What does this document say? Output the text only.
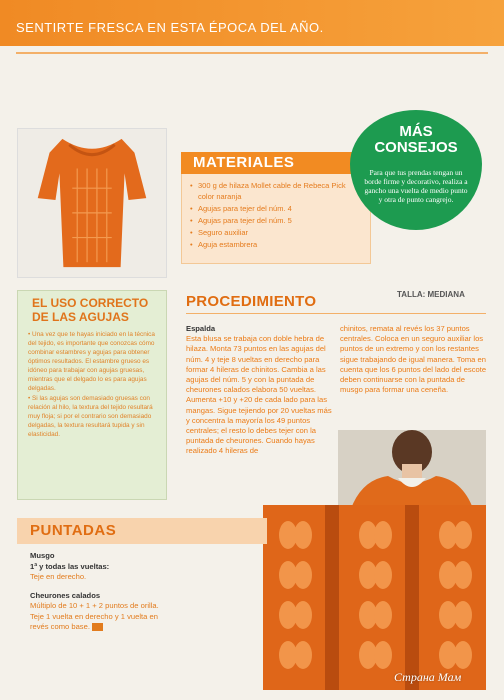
SENTIRTE FRESCA EN ESTA ÉPOCA DEL AÑO.
MATERIALES
• 300 g de hilaza Mollet cable de Rebeca Pick color naranja
• Agujas para tejer del núm. 4
• Agujas para tejer del núm. 5
• Seguro auxiliar
• Aguja estambrera
MÁS
CONSEJOS
Para que tus prendas tengan un borde firme y decorativo, realiza a gancho una vuelta de medio punto y otra de punto cangrejo.
EL USO CORRECTO DE LAS AGUJAS

• Una vez que te hayas iniciado en la técnica del tejido, es importante que conozcas cómo combinar estambres y agujas para obtener óptimos resultados. El estambre grueso es idóneo para trabajar con agujas gruesas, mientras que el delgado lo es para agujas delgadas.

• Si las agujas son demasiado gruesas con relación al hilo, la textura del tejido resultará muy floja; si por el contrario son demasiado delgadas, la textura resultará tupida y sin elasticidad.

PROCEDIMIENTO	TALLA: MEDIANA
Espalda
Esta blusa se trabaja con doble hebra de hilaza. Monta 73 puntos en las agujas del núm. 4 y teje 8 vueltas en derecho para formar 4 hileras de chinitos. Cambia a las agujas del núm. 5 y con la puntada de cheurones calados elabora 50 vueltas. Aumenta +10 y +20 de cada lado para las mangas. Sigue tejiendo por 20 vueltas más y concentra la mayoría los 49 puntos centrales; el resto lo debes tejer con la puntada de cheurones. Cuando hayas realizado 4 hileras de
chinitos, remata al revés los 37 puntos centrales. Coloca en un seguro auxiliar los puntos de un extremo y con los restantes sigue trabajando de igual manera. Toma en cuenta que los 6 puntos del lado del escote deben continuarse con la puntada de musgo para formar una ceneña.
PUNTADAS
Musgo
1ª y todas las vueltas:
Teje en derecho.
Cheurones calados
Múltiplo de 10 + 1 + 2 puntos de orilla.
Teje 1 vuelta en derecho y 1 vuelta en
revés como base.
Страна Мам
